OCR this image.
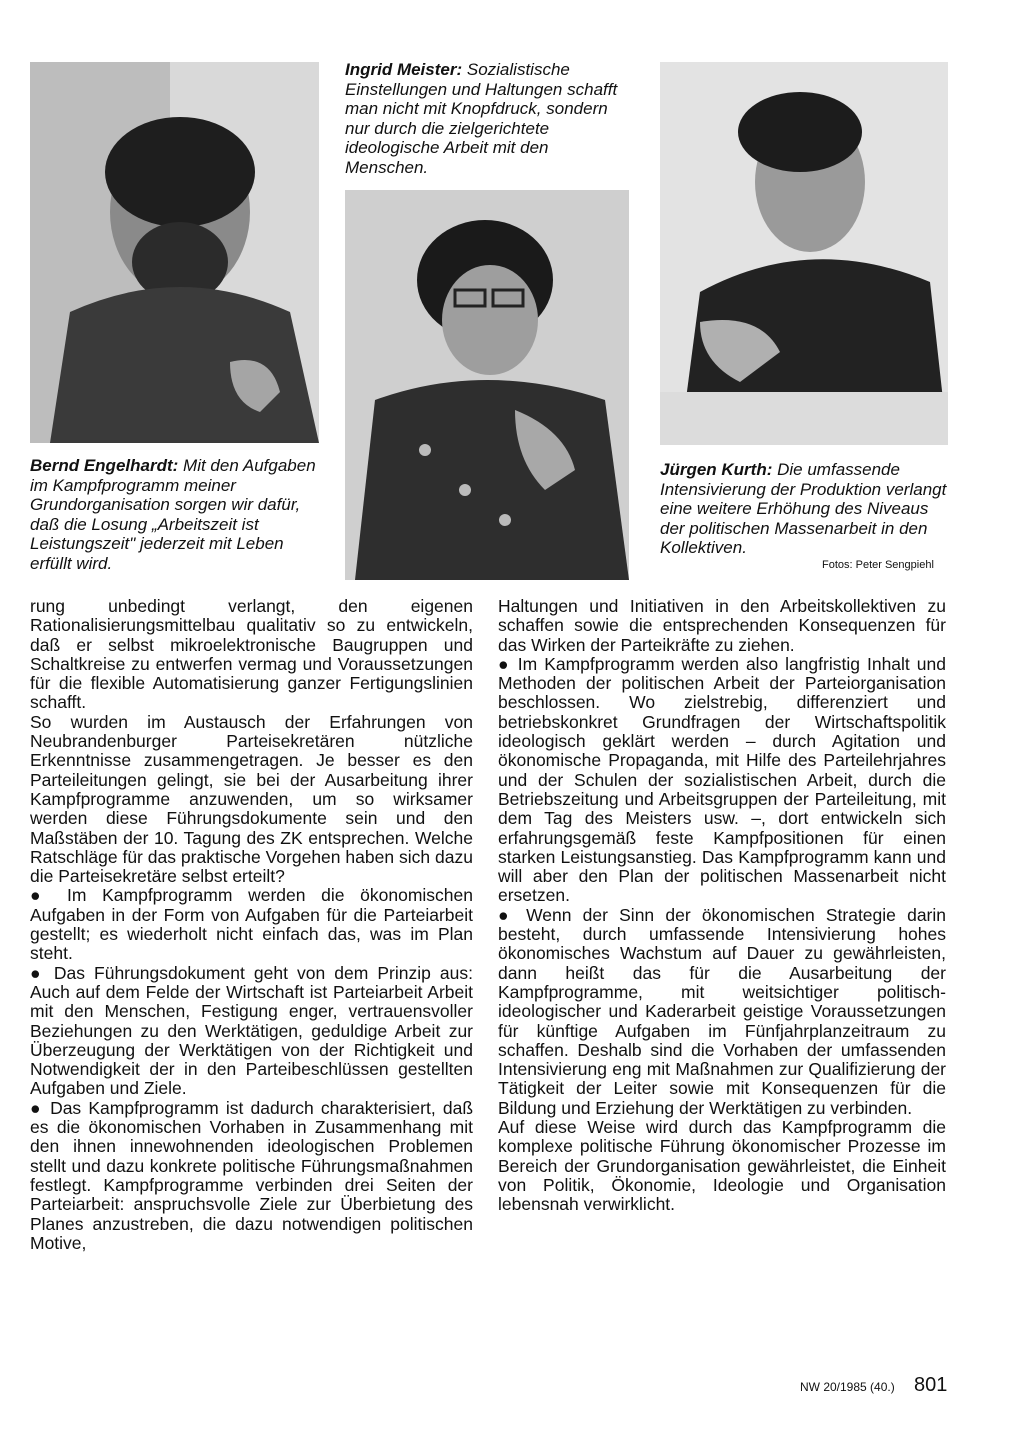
Ingrid Meister: Sozialistische Einstellungen und Haltungen schafft man nicht mit Knopfdruck, sondern nur durch die zielgerichtete ideologische Arbeit mit den Menschen.
Bernd Engelhardt: Mit den Aufgaben im Kampfprogramm meiner Grundorganisation sorgen wir dafür, daß die Losung „Arbeitszeit ist Leistungszeit" jederzeit mit Leben erfüllt wird.
Jürgen Kurth: Die umfassende Intensivierung der Produktion verlangt eine weitere Erhöhung des Niveaus der politischen Massenarbeit in den Kollektiven.
Fotos: Peter Sengpiehl

rung unbedingt verlangt, den eigenen Rationalisierungsmittelbau qualitativ so zu entwickeln, daß er selbst mikroelektronische Baugruppen und Schaltkreise zu entwerfen vermag und Voraussetzungen für die flexible Automatisierung ganzer Fertigungslinien schafft.

So wurden im Austausch der Erfahrungen von Neubrandenburger Parteisekretären nützliche Erkenntnisse zusammengetragen. Je besser es den Parteileitungen gelingt, sie bei der Ausarbeitung ihrer Kampfprogramme anzuwenden, um so wirksamer werden diese Führungsdokumente sein und den Maßstäben der 10. Tagung des ZK entsprechen. Welche Ratschläge für das praktische Vorgehen haben sich dazu die Parteisekretäre selbst erteilt?

● Im Kampfprogramm werden die ökonomischen Aufgaben in der Form von Aufgaben für die Parteiarbeit gestellt; es wiederholt nicht einfach das, was im Plan steht.

● Das Führungsdokument geht von dem Prinzip aus: Auch auf dem Felde der Wirtschaft ist Parteiarbeit Arbeit mit den Menschen, Festigung enger, vertrauensvoller Beziehungen zu den Werktätigen, geduldige Arbeit zur Überzeugung der Werktätigen von der Richtigkeit und Notwendigkeit der in den Parteibeschlüssen gestellten Aufgaben und Ziele.

● Das Kampfprogramm ist dadurch charakterisiert, daß es die ökonomischen Vorhaben in Zusammenhang mit den ihnen innewohnenden ideologischen Problemen stellt und dazu konkrete politische Führungsmaßnahmen festlegt. Kampfprogramme verbinden drei Seiten der Parteiarbeit: anspruchsvolle Ziele zur Überbietung des Planes anzustreben, die dazu notwendigen politischen Motive,

Haltungen und Initiativen in den Arbeitskollektiven zu schaffen sowie die entsprechenden Konsequenzen für das Wirken der Parteikräfte zu ziehen.

● Im Kampfprogramm werden also langfristig Inhalt und Methoden der politischen Arbeit der Parteiorganisation beschlossen. Wo zielstrebig, differenziert und betriebskonkret Grundfragen der Wirtschaftspolitik ideologisch geklärt werden – durch Agitation und ökonomische Propaganda, mit Hilfe des Parteilehrjahres und der Schulen der sozialistischen Arbeit, durch die Betriebszeitung und Arbeitsgruppen der Parteileitung, mit dem Tag des Meisters usw. –, dort entwickeln sich erfahrungsgemäß feste Kampfpositionen für einen starken Leistungsanstieg. Das Kampfprogramm kann und will aber den Plan der politischen Massenarbeit nicht ersetzen.

● Wenn der Sinn der ökonomischen Strategie darin besteht, durch umfassende Intensivierung hohes ökonomisches Wachstum auf Dauer zu gewährleisten, dann heißt das für die Ausarbeitung der Kampfprogramme, mit weitsichtiger politisch-ideologischer und Kaderarbeit geistige Voraussetzungen für künftige Aufgaben im Fünfjahrplanzeitraum zu schaffen. Deshalb sind die Vorhaben der umfassenden Intensivierung eng mit Maßnahmen zur Qualifizierung der Tätigkeit der Leiter sowie mit Konsequenzen für die Bildung und Erziehung der Werktätigen zu verbinden.

Auf diese Weise wird durch das Kampfprogramm die komplexe politische Führung ökonomischer Prozesse im Bereich der Grundorganisation gewährleistet, die Einheit von Politik, Ökonomie, Ideologie und Organisation lebensnah verwirklicht.

NW 20/1985 (40.) 801
